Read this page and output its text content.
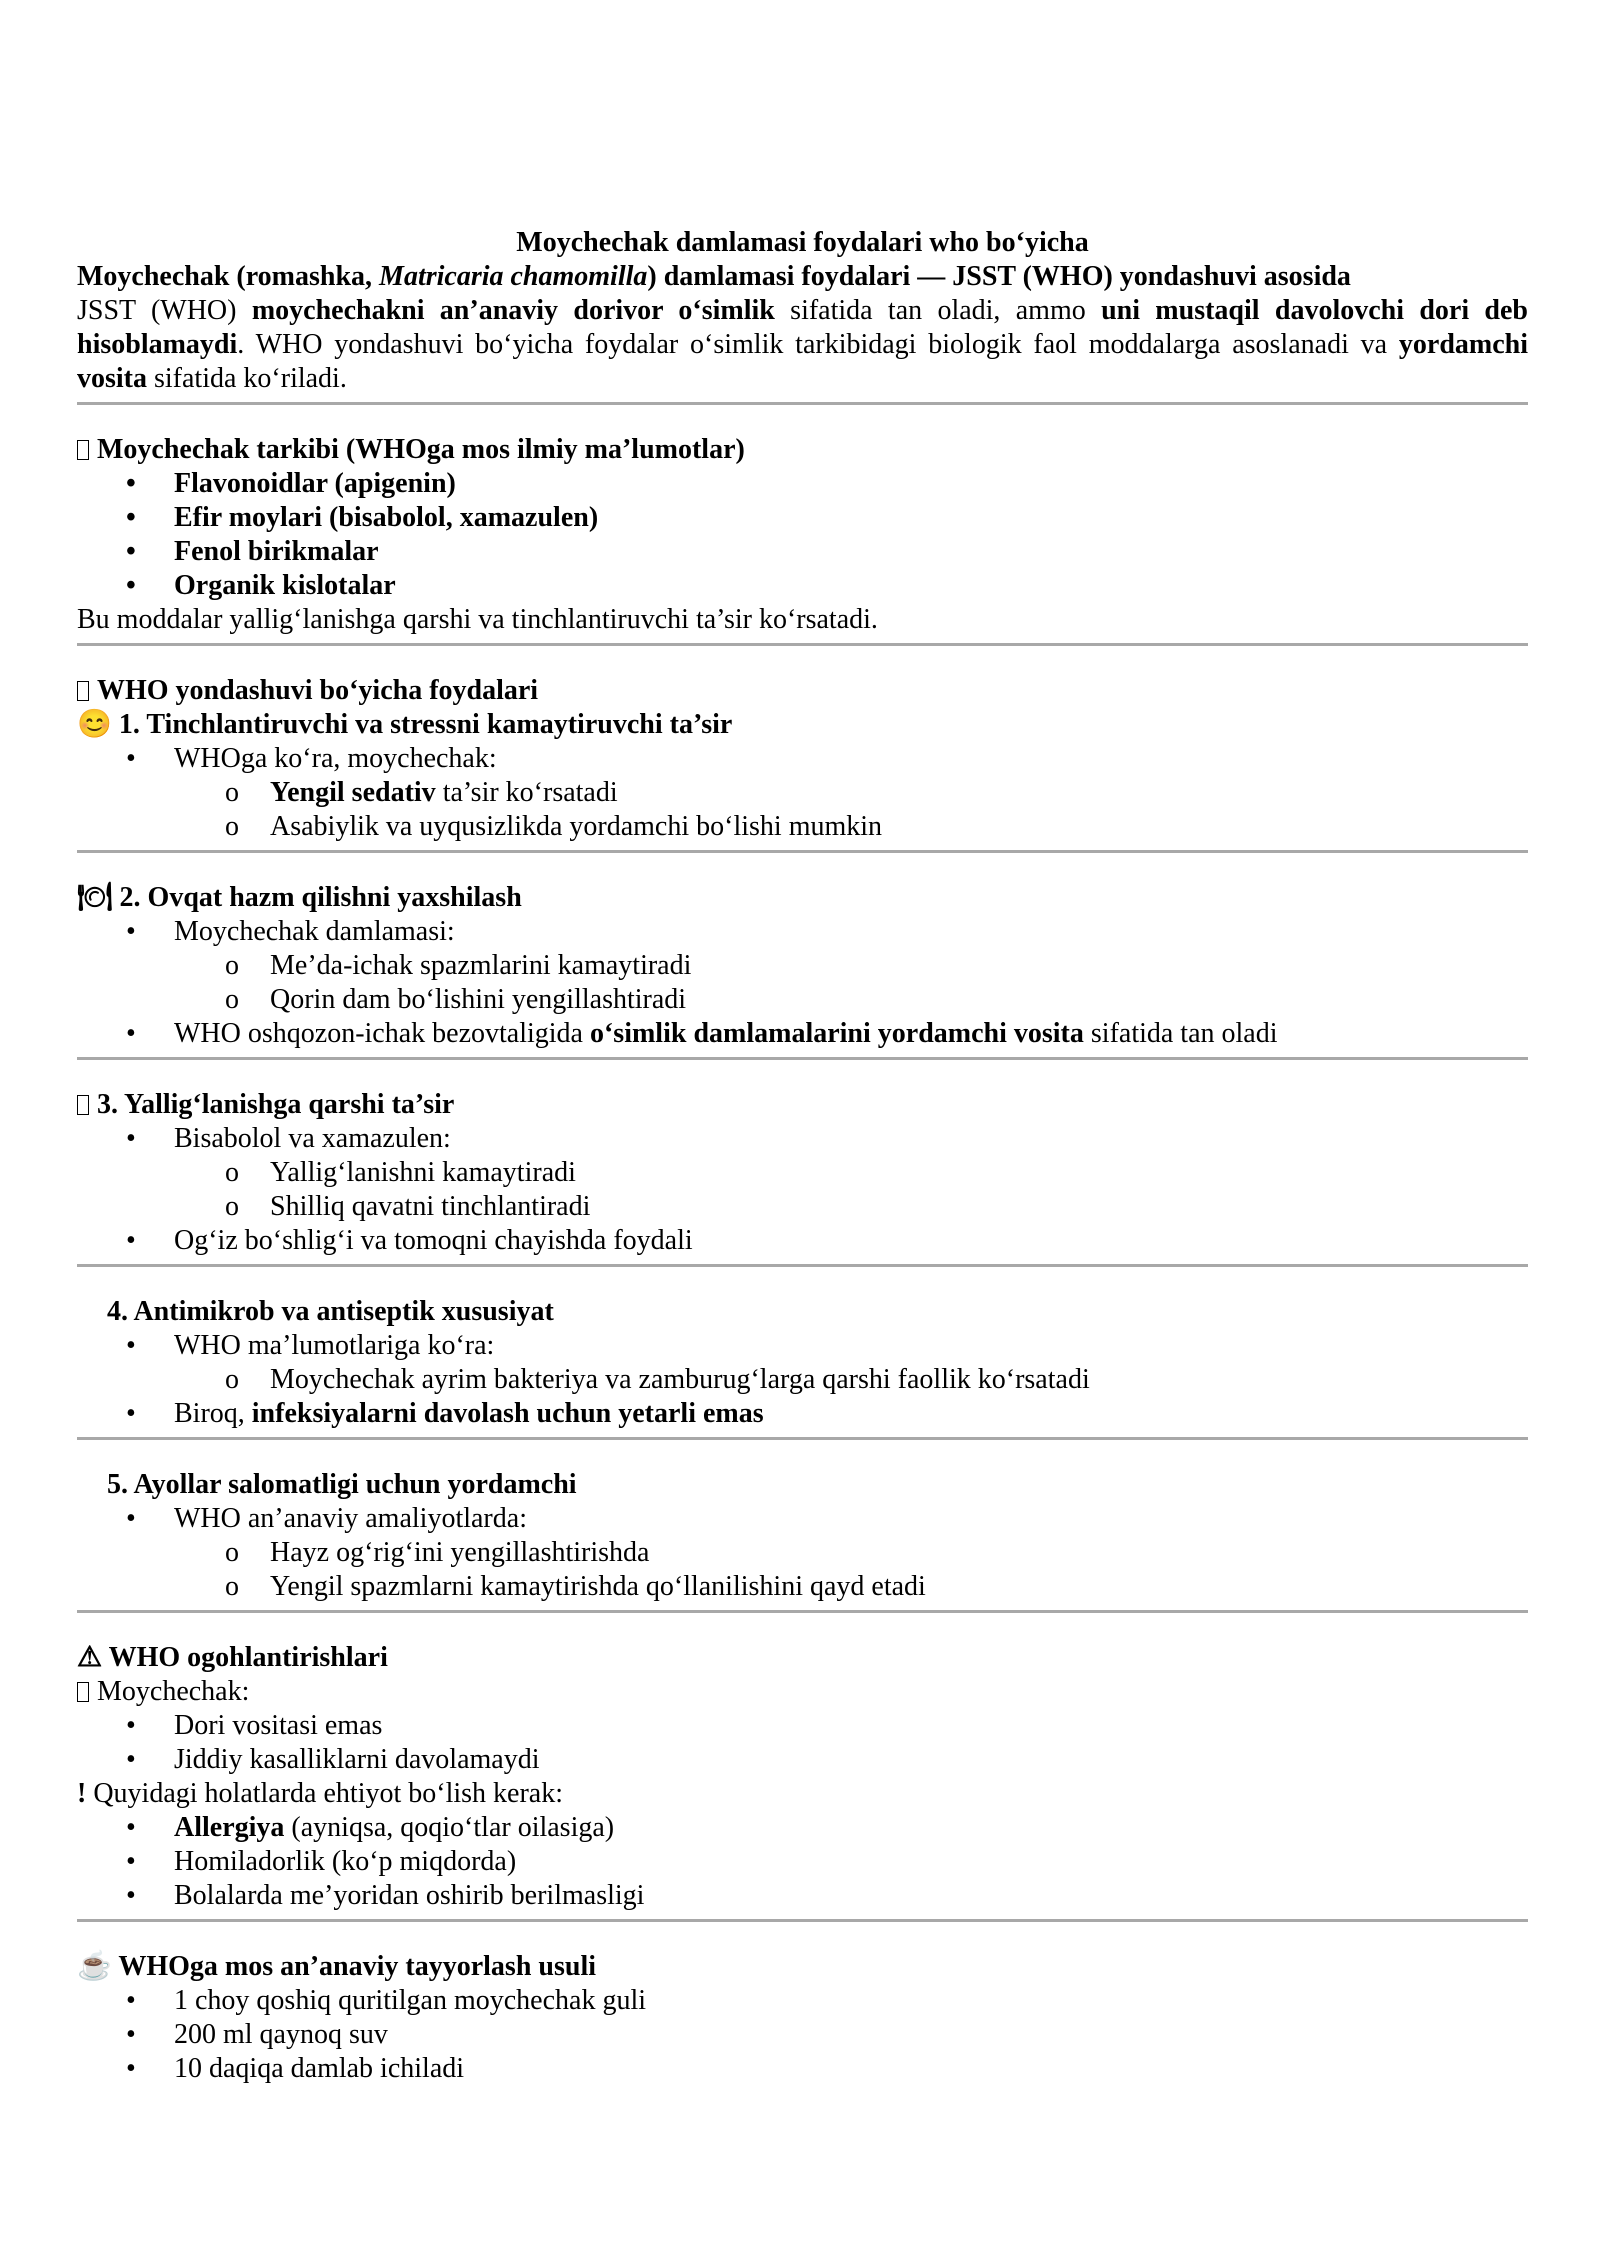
Moychechak damlamasi foydalari who bo‘yicha

Moychechak (romashka, Matricaria chamomilla) damlamasi foydalari — JSST (WHO) yondashuvi asosida

JSST (WHO) moychechakni an’anaviy dorivor o‘simlik sifatida tan oladi, ammo uni mustaqil davolovchi dori deb hisoblamaydi. WHO yondashuvi bo‘yicha foydalar o‘simlik tarkibidagi biologik faol moddalarga asoslanadi va yordamchi vosita sifatida ko‘riladi.

Moychechak tarkibi (WHOga mos ilmiy ma’lumotlar)

• Flavonoidlar (apigenin)
• Efir moylari (bisabolol, xamazulen)
• Fenol birikmalar
• Organik kislotalar

Bu moddalar yallig‘lanishga qarshi va tinchlantiruvchi ta’sir ko‘rsatadi.

WHO yondashuvi bo‘yicha foydalari

😊 1. Tinchlantiruvchi va stressni kamaytiruvchi ta’sir

• WHOga ko‘ra, moychechak:
o Yengil sedativ ta’sir ko‘rsatadi
o Asabiylik va uyqusizlikda yordamchi bo‘lishi mumkin

🍽 2. Ovqat hazm qilishni yaxshilash

• Moychechak damlamasi:
o Me’da-ichak spazmlarini kamaytiradi
o Qorin dam bo‘lishini yengillashtiradi
• WHO oshqozon-ichak bezovtaligida o‘simlik damlamalarini yordamchi vosita sifatida tan oladi

3. Yallig‘lanishga qarshi ta’sir

• Bisabolol va xamazulen:
o Yallig‘lanishni kamaytiradi
o Shilliq qavatni tinchlantiradi
• Og‘iz bo‘shlig‘i va tomoqni chayishda foydali

4. Antimikrob va antiseptik xususiyat

• WHO ma’lumotlariga ko‘ra:
o Moychechak ayrim bakteriya va zamburug‘larga qarshi faollik ko‘rsatadi
• Biroq, infeksiyalarni davolash uchun yetarli emas

5. Ayollar salomatligi uchun yordamchi

• WHO an’anaviy amaliyotlarda:
o Hayz og‘rig‘ini yengillashtirishda
o Yengil spazmlarni kamaytirishda qo‘llanilishini qayd etadi

⚠ WHO ogohlantirishlari

Moychechak:

• Dori vositasi emas
• Jiddiy kasalliklarni davolamaydi

! Quyidagi holatlarda ehtiyot bo‘lish kerak:

• Allergiya (ayniqsa, qoqio‘tlar oilasiga)
• Homiladorlik (ko‘p miqdorda)
• Bolalarda me’yoridan oshirib berilmasligi

☕ WHOga mos an’anaviy tayyorlash usuli

• 1 choy qoshiq quritilgan moychechak guli
• 200 ml qaynoq suv
• 10 daqiqa damlab ichiladi
